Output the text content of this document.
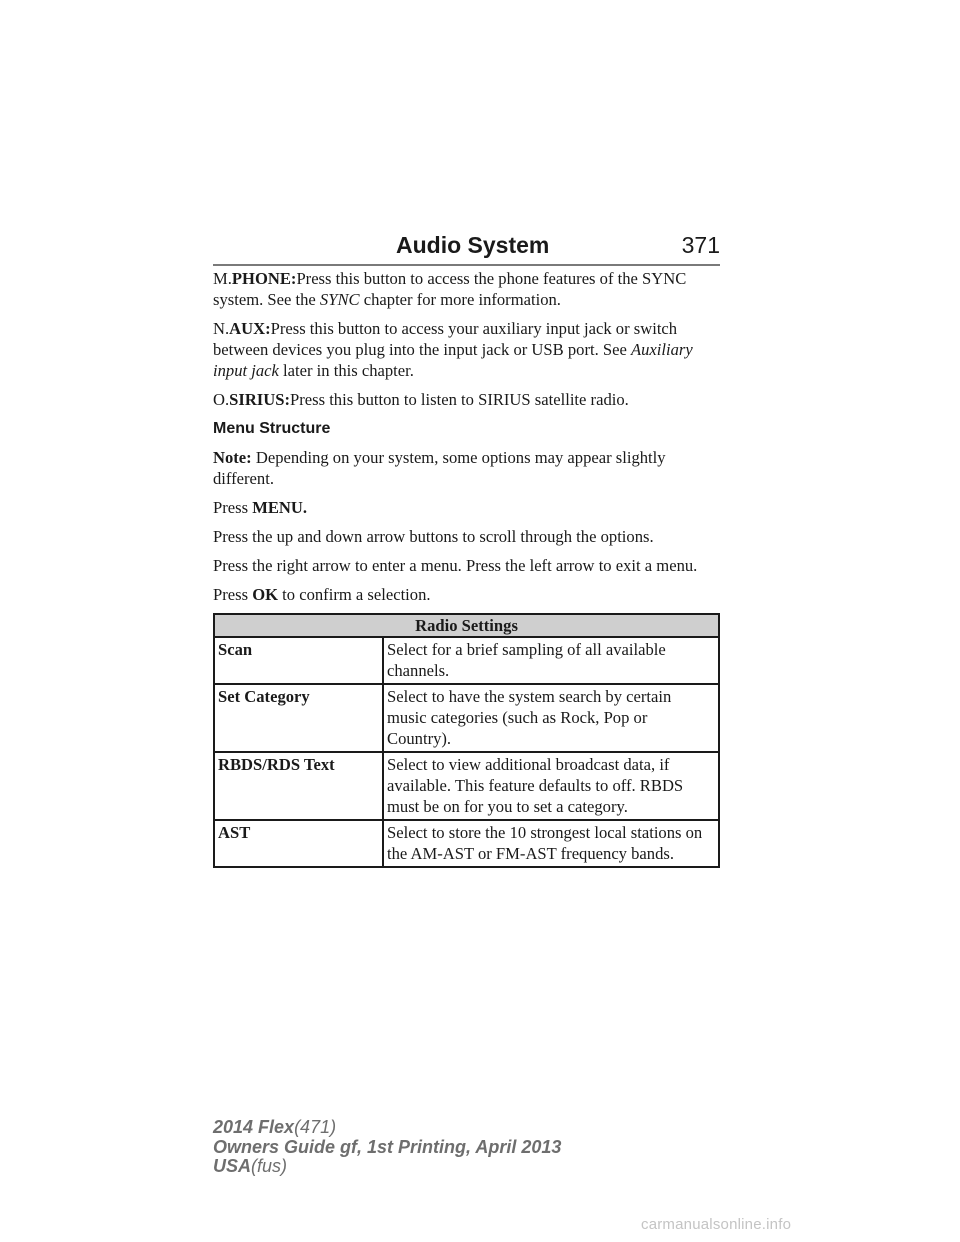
Audio System	371

M.PHONE:Press this button to access the phone features of the SYNC system. See the SYNC chapter for more information.

N.AUX:Press this button to access your auxiliary input jack or switch between devices you plug into the input jack or USB port. See Auxiliary input jack later in this chapter.

O.SIRIUS:Press this button to listen to SIRIUS satellite radio.

Menu Structure

Note: Depending on your system, some options may appear slightly different.

Press MENU.

Press the up and down arrow buttons to scroll through the options.

Press the right arrow to enter a menu. Press the left arrow to exit a menu.

Press OK to confirm a selection.

Radio Settings	
Scan	Select for a brief sampling of all available channels.
Set Category	Select to have the system search by certain music categories (such as Rock, Pop or Country).
RBDS/RDS Text	Select to view additional broadcast data, if available. This feature defaults to off. RBDS must be on for you to set a category.
AST	Select to store the 10 strongest local stations on the AM-AST or FM-AST frequency bands.
2014 Flex(471)
Owners Guide gf, 1st Printing, April 2013
USA(fus)
carmanualsonline.info
